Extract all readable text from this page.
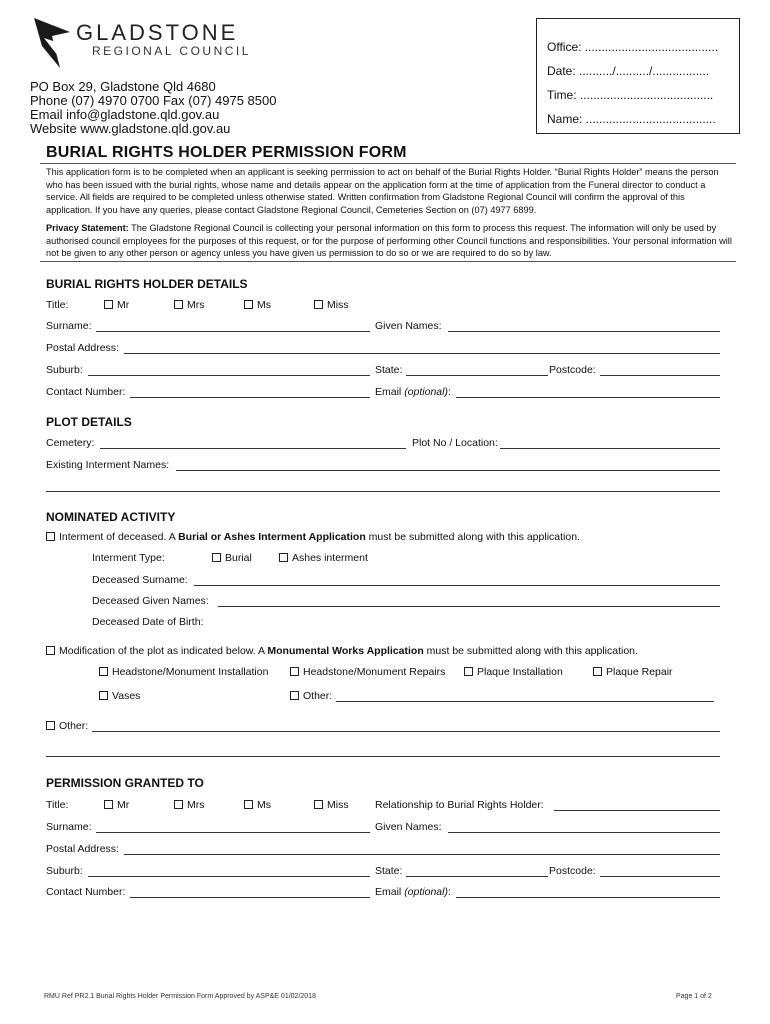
GLADSTONE
REGIONAL COUNCIL
PO Box 29, Gladstone Qld 4680
Phone (07) 4970 0700 Fax (07) 4975 8500
Email info@gladstone.qld.gov.au
Website www.gladstone.qld.gov.au
Office: ........................................
Date: ........../........../.................
Time: ........................................
Name: .......................................
BURIAL RIGHTS HOLDER PERMISSION FORM
This application form is to be completed when an applicant is seeking permission to act on behalf of the Burial Rights Holder. “Burial Rights Holder” means the person who has been issued with the burial rights, whose name and details appear on the application form at the time of application from the Funeral director to conduct a service. All fields are required to be completed unless otherwise stated. Written confirmation from Gladstone Regional Council will confirm the approval of this application. If you have any queries, please contact Gladstone Regional Council, Cemeteries Section on (07) 4977 6899.
Privacy Statement: The Gladstone Regional Council is collecting your personal information on this form to process this request. The information will only be used by authorised council employees for the purposes of this request, or for the purpose of performing other Council functions and responsibilities. Your personal information will not be given to any other person or agency unless you have given us permission to do so or we are required to do so by law.
BURIAL RIGHTS HOLDER DETAILS
Title:	Mr	Mrs	Ms	Miss
Surname:	Given Names:
Postal Address:
Suburb:	State:	Postcode:
Contact Number:	Email (optional):
PLOT DETAILS
Cemetery:	Plot No / Location:
Existing Interment Names:
NOMINATED ACTIVITY
Interment of deceased. A Burial or Ashes Interment Application must be submitted along with this application.
Interment Type:	Burial	Ashes interment
Deceased Surname:
Deceased Given Names:
Deceased Date of Birth:
Modification of the plot as indicated below. A Monumental Works Application must be submitted along with this application.
Headstone/Monument Installation	Headstone/Monument Repairs	Plaque Installation	Plaque Repair
Vases	Other:
Other:
PERMISSION GRANTED TO
Title:	Mr	Mrs	Ms	Miss	Relationship to Burial Rights Holder:
Surname:	Given Names:
Postal Address:
Suburb:	State:	Postcode:
Contact Number:	Email (optional):
RMU Ref PR2.1 Burial Rights Holder Permission Form Approved by ASP&E 01/02/2018	Page 1 of 2
